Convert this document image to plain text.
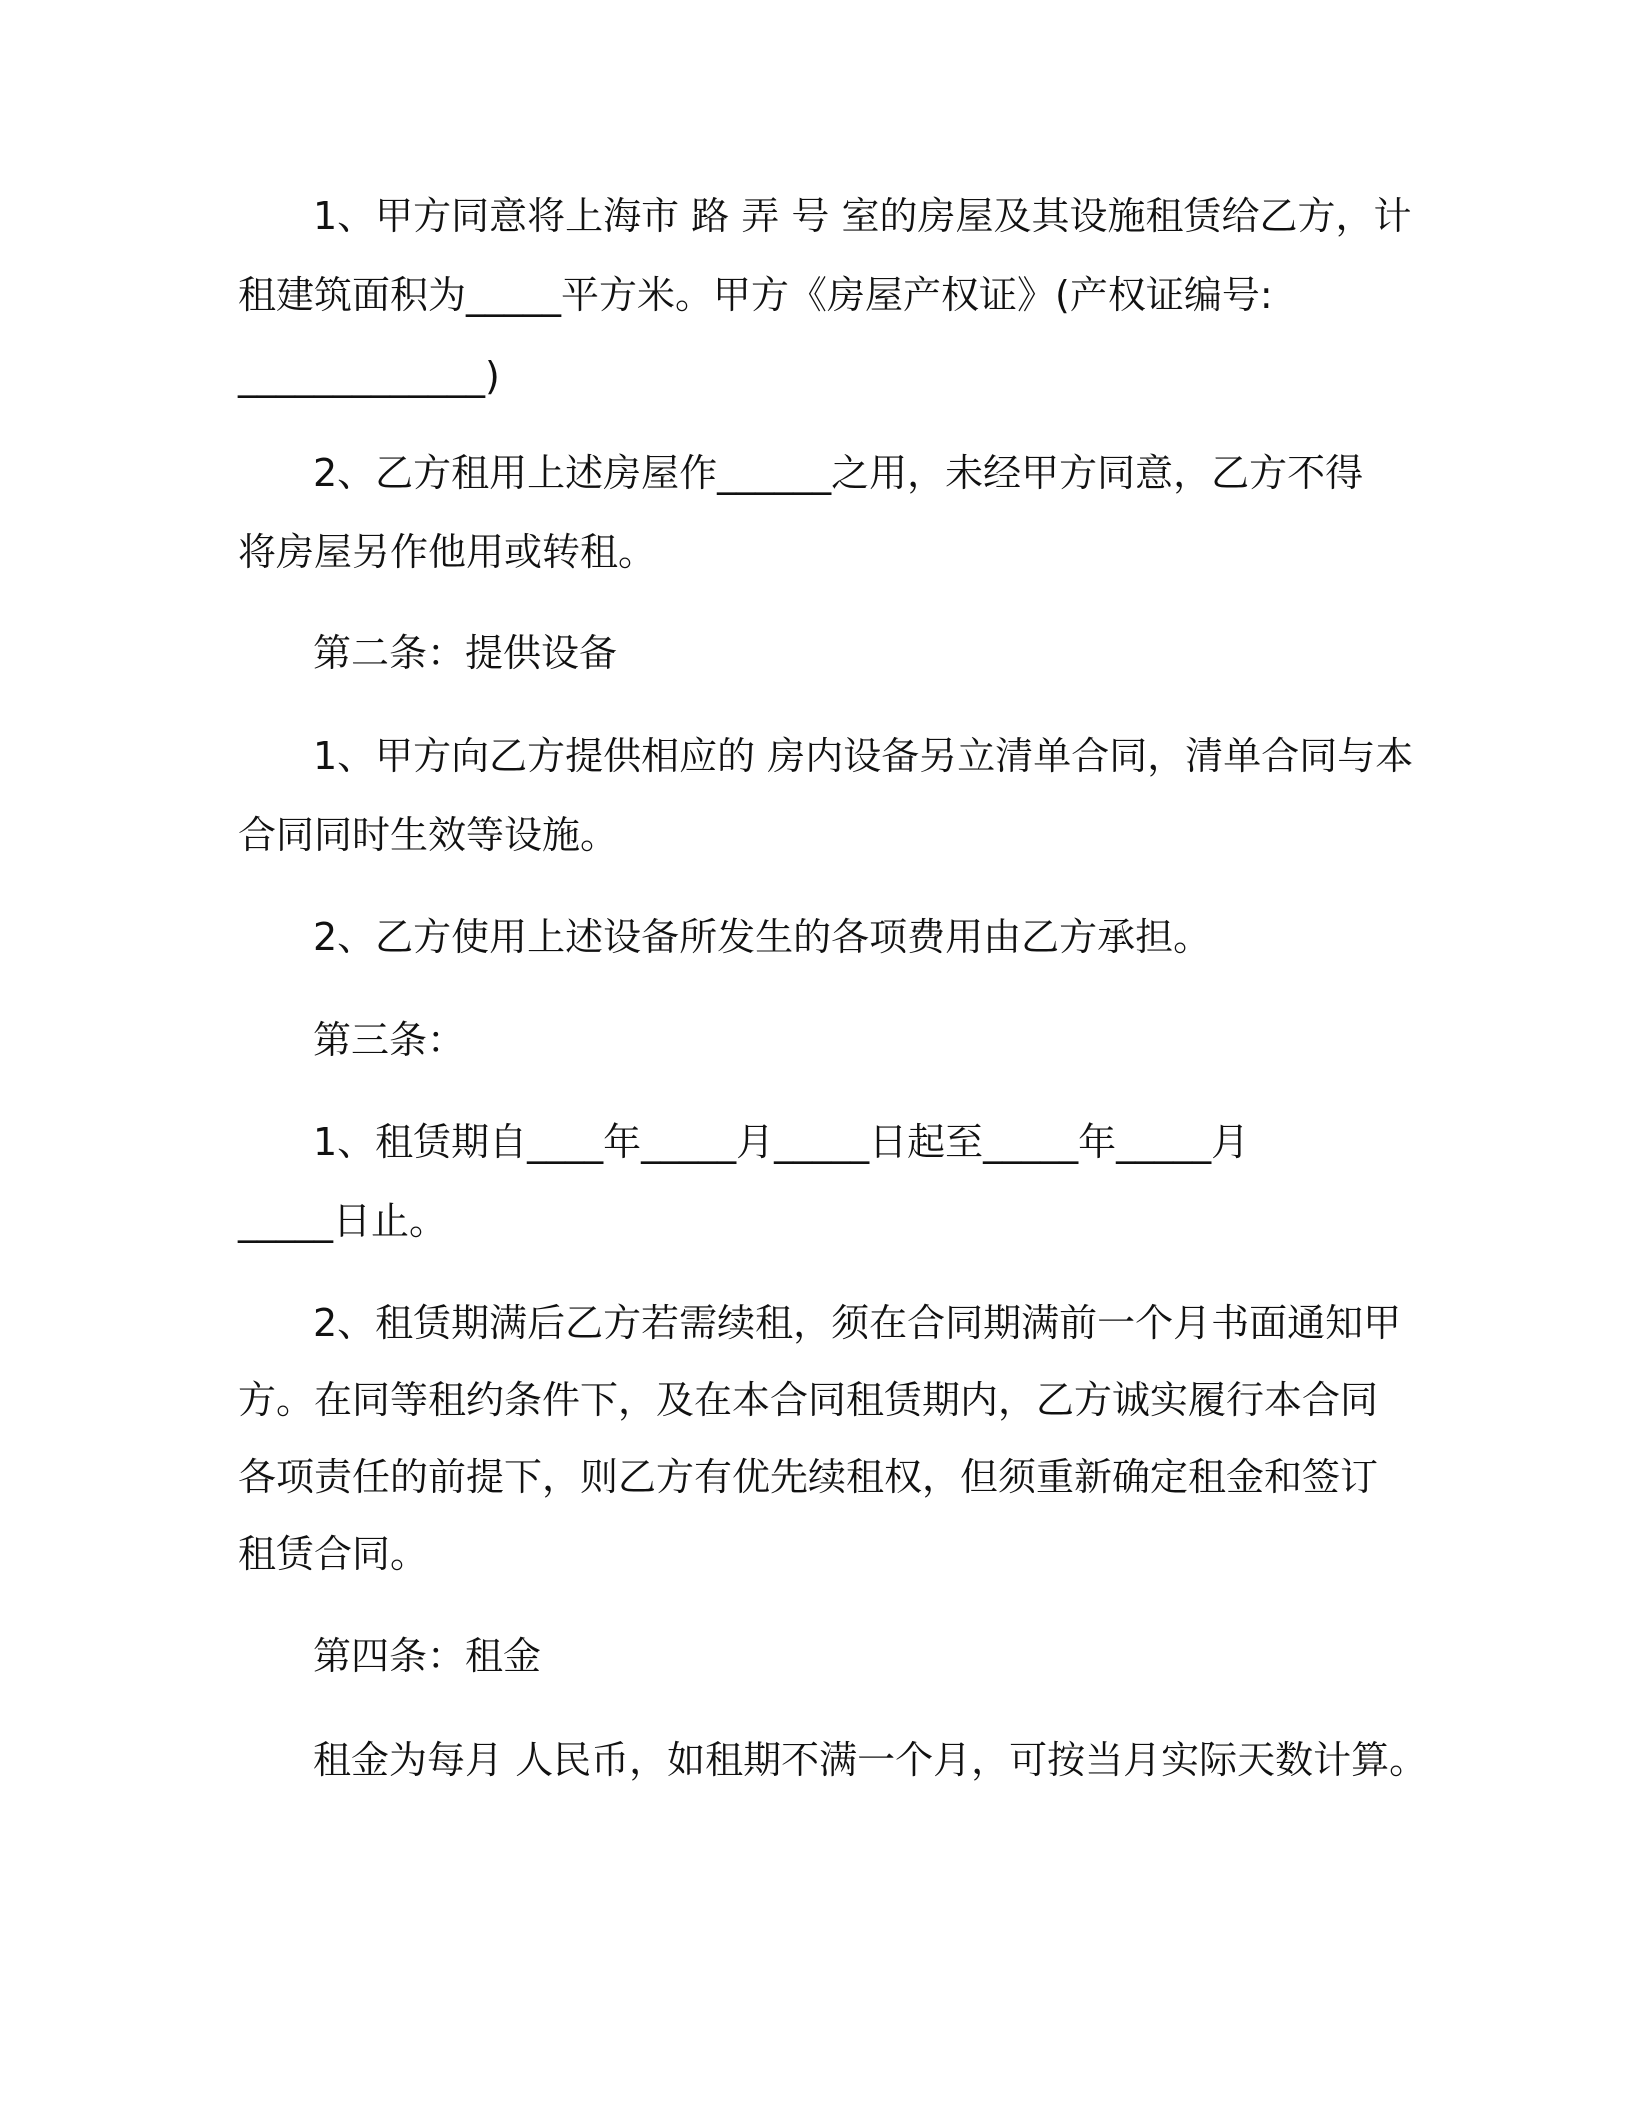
1、甲方同意将上海市 路 弄 号 室的房屋及其设施租赁给乙方，计
租建筑面积为_____平方米。甲方《房屋产权证》(产权证编号:
_____________)
2、乙方租用上述房屋作______之用，未经甲方同意，乙方不得
将房屋另作他用或转租。
第二条：提供设备
1、甲方向乙方提供相应的 房内设备另立清单合同，清单合同与本
合同同时生效等设施。
2、乙方使用上述设备所发生的各项费用由乙方承担。
第三条：
1、租赁期自____年_____月_____日起至_____年_____月
_____日止。
2、租赁期满后乙方若需续租，须在合同期满前一个月书面通知甲
方。在同等租约条件下，及在本合同租赁期内，乙方诚实履行本合同
各项责任的前提下，则乙方有优先续租权，但须重新确定租金和签订
租赁合同。
第四条：租金
租金为每月 人民币，如租期不满一个月，可按当月实际天数计算。
